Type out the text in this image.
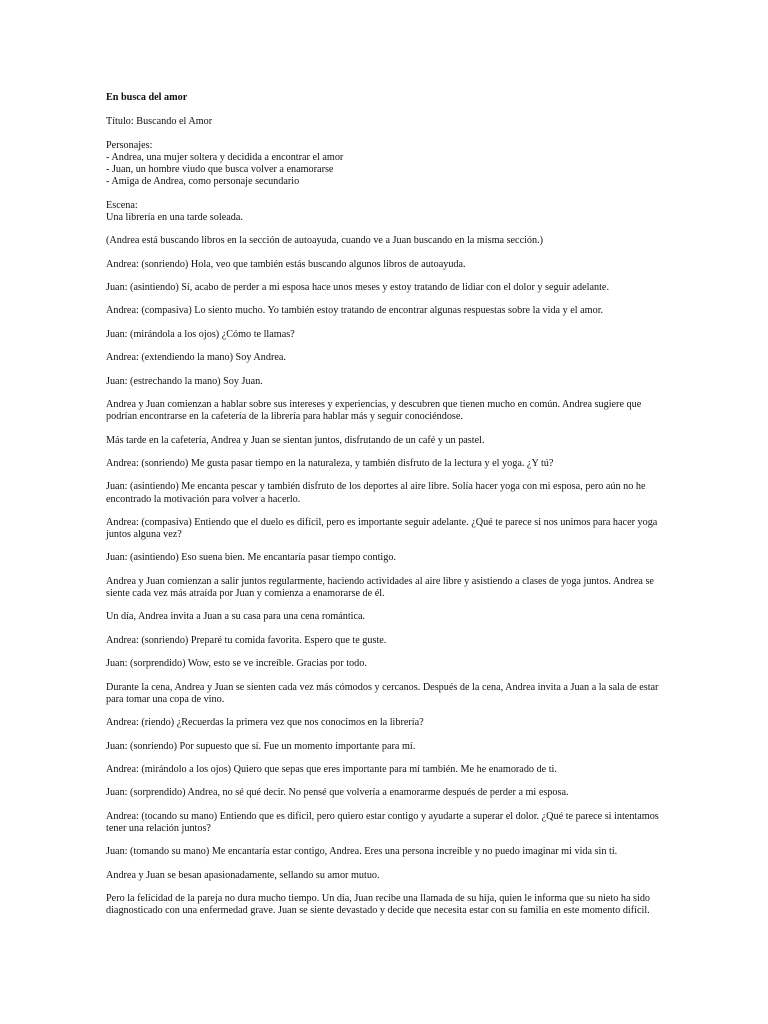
En busca del amor
Título: Buscando el Amor
Personajes:
- Andrea, una mujer soltera y decidida a encontrar el amor
- Juan, un hombre viudo que busca volver a enamorarse
- Amiga de Andrea, como personaje secundario
Escena:
Una librería en una tarde soleada.
(Andrea está buscando libros en la sección de autoayuda, cuando ve a Juan buscando en la misma sección.)
Andrea: (sonriendo) Hola, veo que también estás buscando algunos libros de autoayuda.
Juan: (asintiendo) Sí, acabo de perder a mi esposa hace unos meses y estoy tratando de lidiar con el dolor y seguir adelante.
Andrea: (compasiva) Lo siento mucho. Yo también estoy tratando de encontrar algunas respuestas sobre la vida y el amor.
Juan: (mirándola a los ojos) ¿Cómo te llamas?
Andrea: (extendiendo la mano) Soy Andrea.
Juan: (estrechando la mano) Soy Juan.
Andrea y Juan comienzan a hablar sobre sus intereses y experiencias, y descubren que tienen mucho en común. Andrea sugiere que
podrían encontrarse en la cafetería de la librería para hablar más y seguir conociéndose.
Más tarde en la cafetería, Andrea y Juan se sientan juntos, disfrutando de un café y un pastel.
Andrea: (sonriendo) Me gusta pasar tiempo en la naturaleza, y también disfruto de la lectura y el yoga. ¿Y tú?
Juan: (asintiendo) Me encanta pescar y también disfruto de los deportes al aire libre. Solía hacer yoga con mi esposa, pero aún no he
encontrado la motivación para volver a hacerlo.
Andrea: (compasiva) Entiendo que el duelo es difícil, pero es importante seguir adelante. ¿Qué te parece si nos unimos para hacer yoga
juntos alguna vez?
Juan: (asintiendo) Eso suena bien. Me encantaría pasar tiempo contigo.
Andrea y Juan comienzan a salir juntos regularmente, haciendo actividades al aire libre y asistiendo a clases de yoga juntos. Andrea se
siente cada vez más atraída por Juan y comienza a enamorarse de él.
Un día, Andrea invita a Juan a su casa para una cena romántica.
Andrea: (sonriendo) Preparé tu comida favorita. Espero que te guste.
Juan: (sorprendido) Wow, esto se ve increíble. Gracias por todo.
Durante la cena, Andrea y Juan se sienten cada vez más cómodos y cercanos. Después de la cena, Andrea invita a Juan a la sala de estar
para tomar una copa de vino.
Andrea: (riendo) ¿Recuerdas la primera vez que nos conocimos en la librería?
Juan: (sonriendo) Por supuesto que sí. Fue un momento importante para mí.
Andrea: (mirándolo a los ojos) Quiero que sepas que eres importante para mí también. Me he enamorado de ti.
Juan: (sorprendido) Andrea, no sé qué decir. No pensé que volvería a enamorarme después de perder a mi esposa.
Andrea: (tocando su mano) Entiendo que es difícil, pero quiero estar contigo y ayudarte a superar el dolor. ¿Qué te parece si intentamos
tener una relación juntos?
Juan: (tomando su mano) Me encantaría estar contigo, Andrea. Eres una persona increíble y no puedo imaginar mi vida sin ti.
Andrea y Juan se besan apasionadamente, sellando su amor mutuo.
Pero la felicidad de la pareja no dura mucho tiempo. Un día, Juan recibe una llamada de su hija, quien le informa que su nieto ha sido
diagnosticado con una enfermedad grave. Juan se siente devastado y decide que necesita estar con su familia en este momento difícil.
